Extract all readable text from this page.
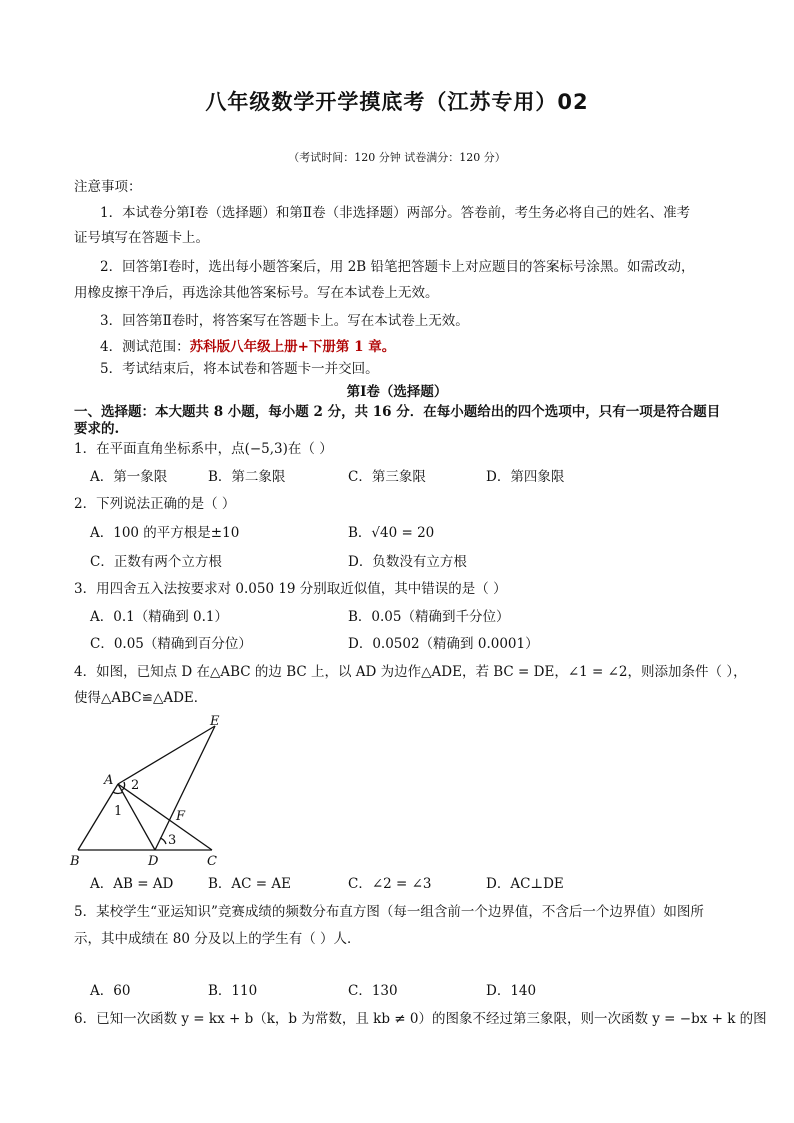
八年级数学开学摸底考（江苏专用）02
（考试时间：120 分钟 试卷满分：120 分）
注意事项：
1．本试卷分第Ⅰ卷（选择题）和第Ⅱ卷（非选择题）两部分。答卷前，考生务必将自己的姓名、准考
证号填写在答题卡上。
2．回答第Ⅰ卷时，选出每小题答案后，用 2B 铅笔把答题卡上对应题目的答案标号涂黑。如需改动，
用橡皮擦干净后，再选涂其他答案标号。写在本试卷上无效。
3．回答第Ⅱ卷时，将答案写在答题卡上。写在本试卷上无效。
4．测试范围：苏科版八年级上册+下册第 1 章。
5．考试结束后，将本试卷和答题卡一并交回。
第Ⅰ卷（选择题）
一、选择题：本大题共 8 小题，每小题 2 分，共 16 分．在每小题给出的四个选项中，只有一项是符合题目
要求的.
1．在平面直角坐标系中，点(−5,3)在（ ）
A．第一象限	B．第二象限	C．第三象限	D．第四象限
2．下列说法正确的是（ ）
A．100 的平方根是±10	B．√40 = 20
C．正数有两个立方根	D．负数没有立方根
3．用四舍五入法按要求对 0.050 19 分别取近似值，其中错误的是（ ）
A．0.1（精确到 0.1）	B．0.05（精确到千分位）
C．0.05（精确到百分位）	D．0.0502（精确到 0.0001）
4．如图，已知点 D 在△ABC 的边 BC 上，以 AD 为边作△ADE，若 BC = DE，∠1 = ∠2，则添加条件（ ），
使得△ABC≌△ADE．
E
A
F
B	D	C
2
1
3
A．AB = AD	B．AC = AE	C．∠2 = ∠3	D．AC⊥DE
5．某校学生“亚运知识”竞赛成绩的频数分布直方图（每一组含前一个边界值，不含后一个边界值）如图所
示，其中成绩在 80 分及以上的学生有（ ）人．
A．60	B．110	C．130	D．140
6．已知一次函数 y = kx + b（k，b 为常数，且 kb ≠ 0）的图象不经过第三象限，则一次函数 y = −bx + k 的图
